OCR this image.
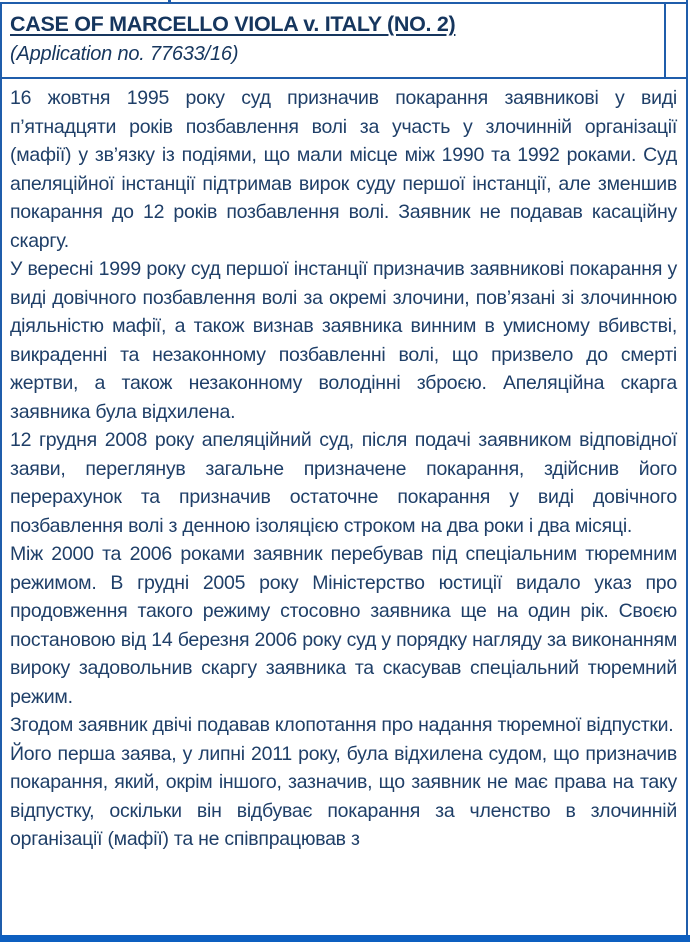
CASE OF MARCELLO VIOLA v. ITALY (NO. 2)
(Application no. 77633/16)

16 жовтня 1995 року суд призначив покарання заявникові у виді п’ятнадцяти років позбавлення волі за участь у злочинній організації (мафії) у зв’язку із подіями, що мали місце між 1990 та 1992 роками. Суд апеляційної інстанції підтримав вирок суду першої інстанції, але зменшив покарання до 12 років позбавлення волі. Заявник не подавав касаційну скаргу.

У вересні 1999 року суд першої інстанції призначив заявникові покарання у виді довічного позбавлення волі за окремі злочини, пов’язані зі злочинною діяльністю мафії, а також визнав заявника винним в умисному вбивстві, викраденні та незаконному позбавленні волі, що призвело до смерті жертви, а також незаконному володінні зброєю. Апеляційна скарга заявника була відхилена.

12 грудня 2008 року апеляційний суд, після подачі заявником відповідної заяви, переглянув загальне призначене покарання, здійснив його перерахунок та призначив остаточне покарання у виді довічного позбавлення волі з денною ізоляцією строком на два роки і два місяці.

Між 2000 та 2006 роками заявник перебував під спеціальним тюремним режимом. В грудні 2005 року Міністерство юстиції видало указ про продовження такого режиму стосовно заявника ще на один рік. Своєю постановою від 14 березня 2006 року суд у порядку нагляду за виконанням вироку задовольнив скаргу заявника та скасував спеціальний тюремний режим.

Згодом заявник двічі подавав клопотання про надання тюремної відпустки.

Його перша заява, у липні 2011 року, була відхилена судом, що призначив покарання, який, окрім іншого, зазначив, що заявник не має права на таку відпустку, оскільки він відбуває покарання за членство в злочинній організації (мафії) та не співпрацював з
